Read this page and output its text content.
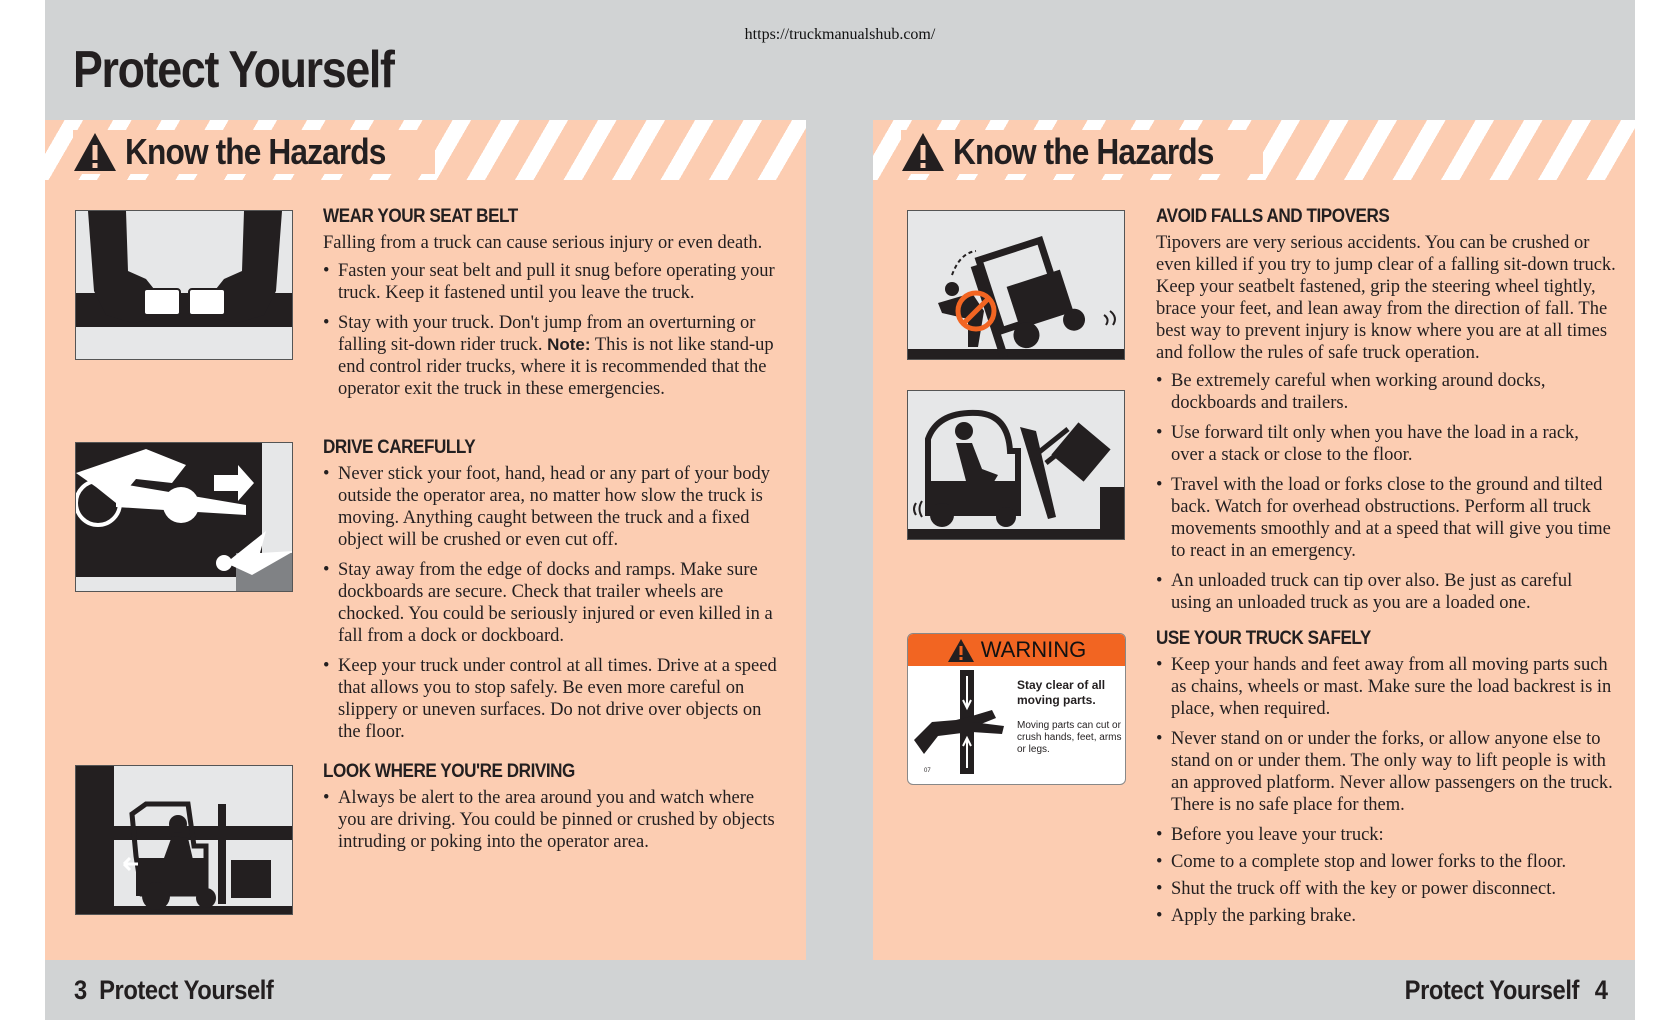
https://truckmanualshub.com/
Protect Yourself
Know the Hazards
WEAR YOUR SEAT BELT

Falling from a truck can cause serious injury or even death.

• Fasten your seat belt and pull it snug before operating your truck. Keep it fastened until you leave the truck.
• Stay with your truck. Don't jump from an overturning or falling sit-down rider truck. Note: This is not like stand-up end control rider trucks, where it is recommended that the operator exit the truck in these emergencies.
DRIVE CAREFULLY
• Never stick your foot, hand, head or any part of your body outside the operator area, no matter how slow the truck is moving. Anything caught between the truck and a fixed object will be crushed or even cut off.
• Stay away from the edge of docks and ramps. Make sure dockboards are secure. Check that trailer wheels are chocked. You could be seriously injured or even killed in a fall from a dock or dockboard.
• Keep your truck under control at all times. Drive at a speed that allows you to stop safely. Be even more careful on slippery or uneven surfaces. Do not drive over objects on the floor.
LOOK WHERE YOU'RE DRIVING
• Always be alert to the area around you and watch where you are driving. You could be pinned or crushed by objects intruding or poking into the operator area.
Know the Hazards
WARNING
Stay clear of all moving parts.
Moving parts can cut or crush hands, feet, arms or legs.
07
AVOID FALLS AND TIPOVERS

Tipovers are very serious accidents. You can be crushed or even killed if you try to jump clear of a falling sit-down truck. Keep your seatbelt fastened, grip the steering wheel tightly, brace your feet, and lean away from the direction of fall. The best way to prevent injury is know where you are at all times and follow the rules of safe truck operation.

• Be extremely careful when working around docks, dockboards and trailers.
• Use forward tilt only when you have the load in a rack, over a stack or close to the floor.
• Travel with the load or forks close to the ground and tilted back. Watch for overhead obstructions. Perform all truck movements smoothly and at a speed that will give you time to react in an emergency.
• An unloaded truck can tip over also. Be just as careful using an unloaded truck as you are a loaded one.
USE YOUR TRUCK SAFELY
• Keep your hands and feet away from all moving parts such as chains, wheels or mast. Make sure the load backrest is in place, when required.
• Never stand on or under the forks, or allow anyone else to stand on or under them. The only way to lift people is with an approved platform. Never allow passengers on the truck. There is no safe place for them.
• Before you leave your truck:
• Come to a complete stop and lower forks to the floor.
• Shut the truck off with the key or power disconnect.
• Apply the parking brake.
3 Protect Yourself	Protect Yourself 4
